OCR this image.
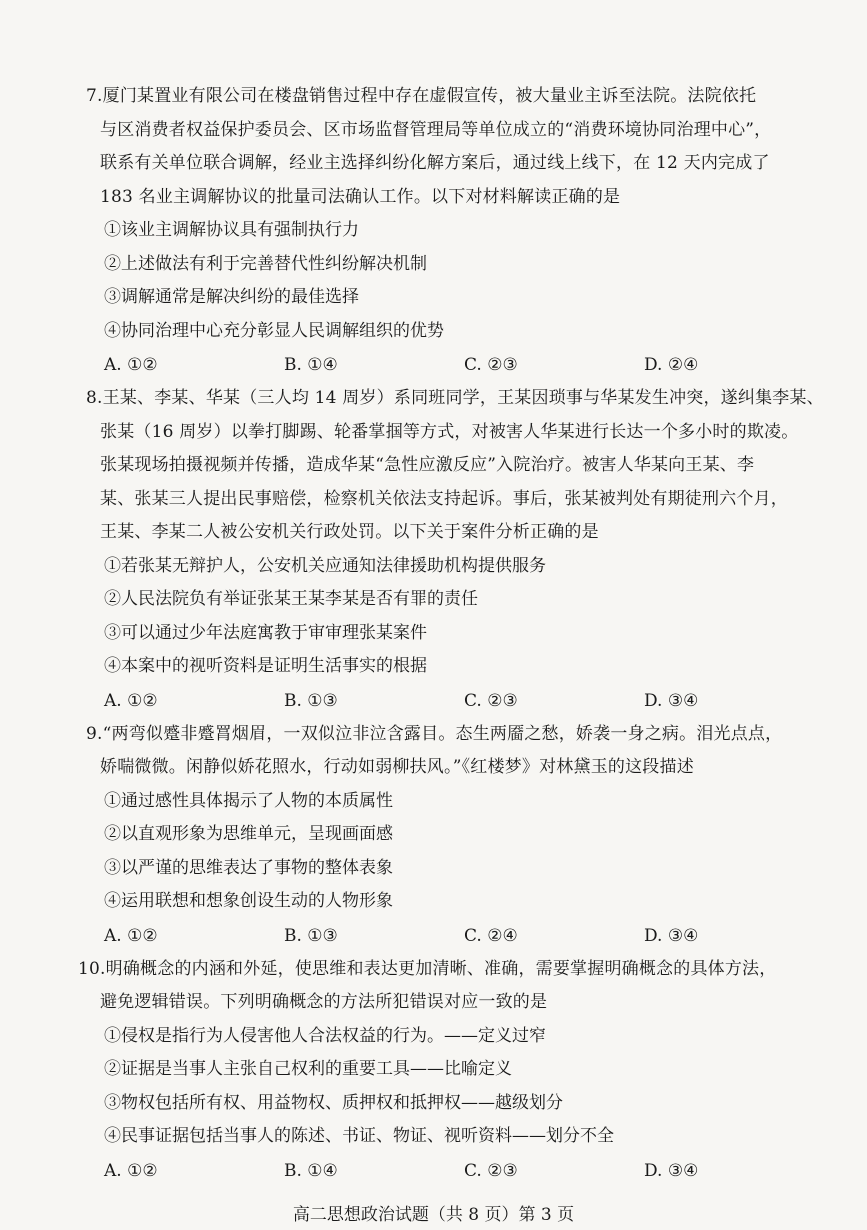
7.厦门某置业有限公司在楼盘销售过程中存在虚假宣传，被大量业主诉至法院。法院依托
与区消费者权益保护委员会、区市场监督管理局等单位成立的“消费环境协同治理中心”，
联系有关单位联合调解，经业主选择纠纷化解方案后，通过线上线下，在 12 天内完成了
183 名业主调解协议的批量司法确认工作。以下对材料解读正确的是
①该业主调解协议具有强制执行力
②上述做法有利于完善替代性纠纷解决机制
③调解通常是解决纠纷的最佳选择
④协同治理中心充分彰显人民调解组织的优势
A. ①②	B. ①④	C. ②③	D. ②④
8.王某、李某、华某（三人均 14 周岁）系同班同学，王某因琐事与华某发生冲突，遂纠集李某、
张某（16 周岁）以拳打脚踢、轮番掌掴等方式，对被害人华某进行长达一个多小时的欺凌。
张某现场拍摄视频并传播，造成华某“急性应激反应”入院治疗。被害人华某向王某、李
某、张某三人提出民事赔偿，检察机关依法支持起诉。事后，张某被判处有期徒刑六个月，
王某、李某二人被公安机关行政处罚。以下关于案件分析正确的是
①若张某无辩护人，公安机关应通知法律援助机构提供服务
②人民法院负有举证张某王某李某是否有罪的责任
③可以通过少年法庭寓教于审审理张某案件
④本案中的视听资料是证明生活事实的根据
A. ①②	B. ①③	C. ②③	D. ③④
9.“两弯似蹙非蹙罥烟眉，一双似泣非泣含露目。态生两靥之愁，娇袭一身之病。泪光点点，
娇喘微微。闲静似娇花照水，行动如弱柳扶风。”《红楼梦》对林黛玉的这段描述
①通过感性具体揭示了人物的本质属性
②以直观形象为思维单元，呈现画面感
③以严谨的思维表达了事物的整体表象
④运用联想和想象创设生动的人物形象
A. ①②	B. ①③	C. ②④	D. ③④
10.明确概念的内涵和外延，使思维和表达更加清晰、准确，需要掌握明确概念的具体方法，
避免逻辑错误。下列明确概念的方法所犯错误对应一致的是
①侵权是指行为人侵害他人合法权益的行为。——定义过窄
②证据是当事人主张自己权利的重要工具——比喻定义
③物权包括所有权、用益物权、质押权和抵押权——越级划分
④民事证据包括当事人的陈述、书证、物证、视听资料——划分不全
A. ①②	B. ①④	C. ②③	D. ③④
高二思想政治试题（共 8 页）第 3 页
